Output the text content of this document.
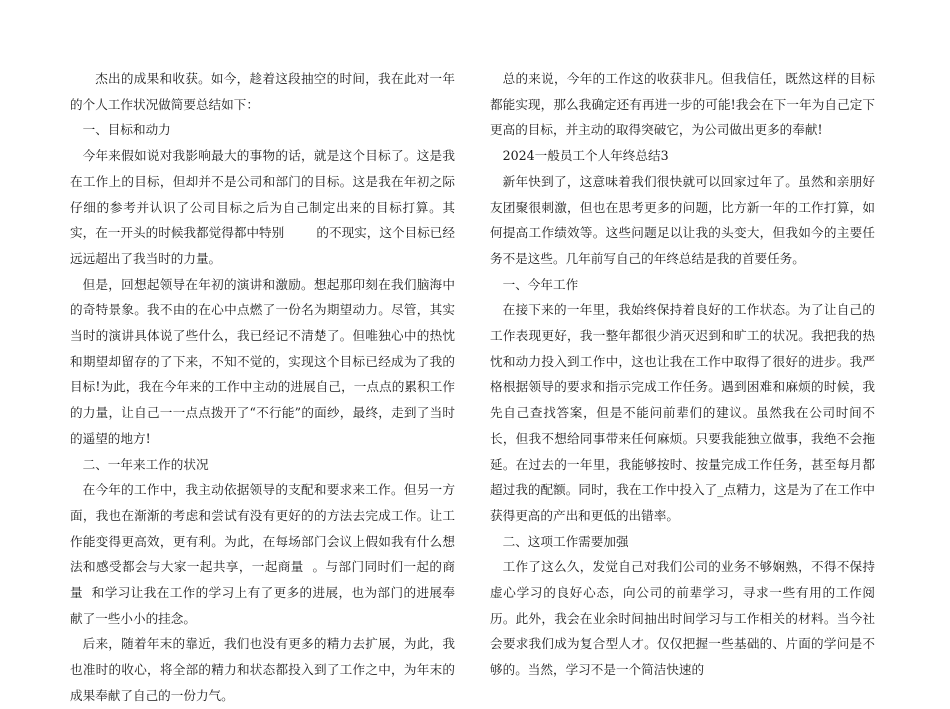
杰出的成果和收获。如今，趁着这段抽空的时间，我在此对一年的个人工作状况做简要总结如下：

一、目标和动力

今年来假如说对我影响最大的事物的话，就是这个目标了。这是我在工作上的目标，但却并不是公司和部门的目标。这是我在年初之际仔细的参考并认识了公司目标之后为自己制定出来的目标打算。其实，在一开头的时候我都觉得都中特别        的不现实，这个目标已经远远超出了我当时的力量。

但是，回想起领导在年初的演讲和激励。想起那印刻在我们脑海中的奇特景象。我不由的在心中点燃了一份名为期望动力。尽管，其实当时的演讲具体说了些什么，我已经记不清楚了。但唯独心中的热忱和期望却留存的了下来，不知不觉的，实现这个目标已经成为了我的目标!为此，我在今年来的工作中主动的进展自己，一点点的累积工作的力量，让自己一一点点拨开了“不行能”的面纱，最终，走到了当时的遥望的地方!

二、一年来工作的状况

在今年的工作中，我主动依据领导的支配和要求来工作。但另一方面，我也在渐渐的考虑和尝试有没有更好的的方法去完成工作。让工作能变得更高效，更有利。为此，在每场部门会议上假如我有什么想法和感受都会与大家一起共享，一起商量  。与部门同时们一起的商量  和学习让我在工作的学习上有了更多的进展，也为部门的进展奉献了一些小小的挂念。

后来，随着年末的靠近，我们也没有更多的精力去扩展，为此，我也准时的收心，将全部的精力和状态都投入到了工作之中，为年末的成果奉献了自己的一份力气。

总的来说，今年的工作这的收获非凡。但我信任，既然这样的目标都能实现，那么我确定还有再进一步的可能!我会在下一年为自己定下更高的目标，并主动的取得突破它，为公司做出更多的奉献!

2024一般员工个人年终总结3

新年快到了，这意味着我们很快就可以回家过年了。虽然和亲朋好友团聚很刺激，但也在思考更多的问题，比方新一年的工作打算，如何提高工作绩效等。这些问题足以让我的头变大，但我如今的主要任务不是这些。几年前写自己的年终总结是我的首要任务。

一、今年工作

在接下来的一年里，我始终保持着良好的工作状态。为了让自己的工作表现更好，我一整年都很少消灭迟到和旷工的状况。我把我的热忱和动力投入到工作中，这也让我在工作中取得了很好的进步。我严格根据领导的要求和指示完成工作任务。遇到困难和麻烦的时候，我先自己查找答案，但是不能问前辈们的建议。虽然我在公司时间不长，但我不想给同事带来任何麻烦。只要我能独立做事，我绝不会拖延。在过去的一年里，我能够按时、按量完成工作任务，甚至每月都超过我的配额。同时，我在工作中投入了_点精力，这是为了在工作中获得更高的产出和更低的出错率。

二、这项工作需要加强

工作了这么久，发觉自己对我们公司的业务不够娴熟，不得不保持虚心学习的良好心态，向公司的前辈学习，寻求一些有用的工作阅历。此外，我会在业余时间抽出时间学习与工作相关的材料。当今社会要求我们成为复合型人才。仅仅把握一些基础的、片面的学问是不够的。当然，学习不是一个简洁快速的
